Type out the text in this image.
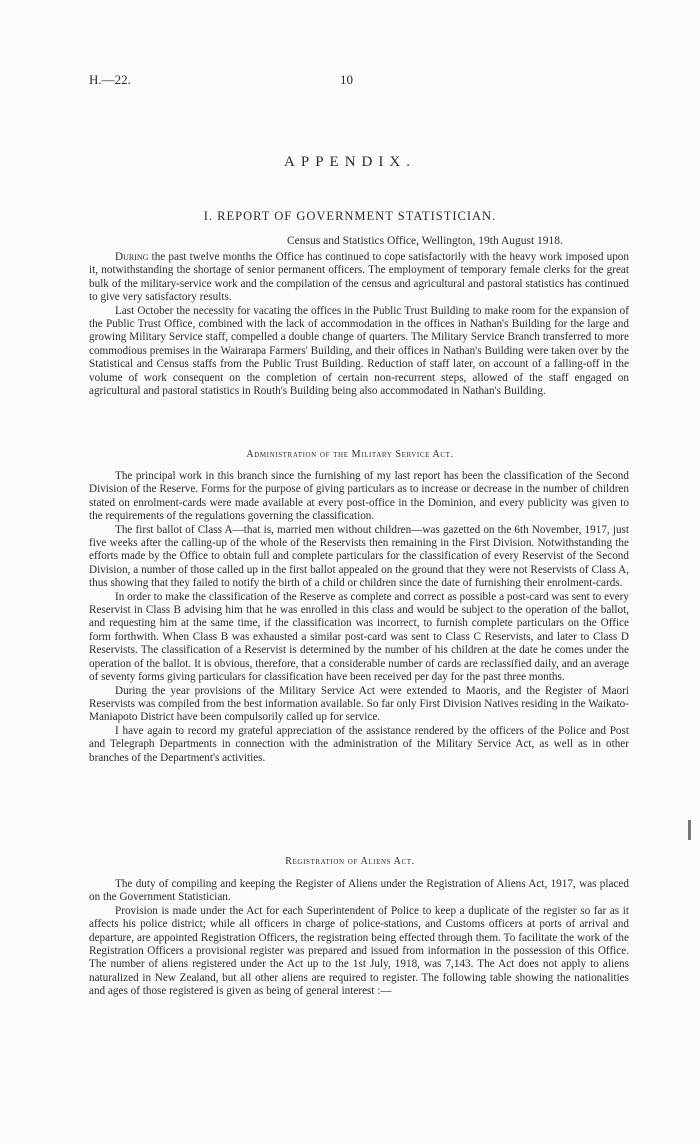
H.—22.	10
APPENDIX.
I. REPORT OF GOVERNMENT STATISTICIAN.
Census and Statistics Office, Wellington, 19th August 1918.

During the past twelve months the Office has continued to cope satisfactorily with the heavy work imposed upon it, notwithstanding the shortage of senior permanent officers. The employment of temporary female clerks for the great bulk of the military-service work and the compilation of the census and agricultural and pastoral statistics has continued to give very satisfactory results.

Last October the necessity for vacating the offices in the Public Trust Building to make room for the expansion of the Public Trust Office, combined with the lack of accommodation in the offices in Nathan's Building for the large and growing Military Service staff, compelled a double change of quarters. The Military Service Branch transferred to more commodious premises in the Wairarapa Farmers' Building, and their offices in Nathan's Building were taken over by the Statistical and Census staffs from the Public Trust Building. Reduction of staff later, on account of a falling-off in the volume of work consequent on the completion of certain non-recurrent steps, allowed of the staff engaged on agricultural and pastoral statistics in Routh's Building being also accommodated in Nathan's Building.

Administration of the Military Service Act.

The principal work in this branch since the furnishing of my last report has been the classification of the Second Division of the Reserve. Forms for the purpose of giving particulars as to increase or decrease in the number of children stated on enrolment-cards were made available at every post-office in the Dominion, and every publicity was given to the requirements of the regulations governing the classification.

The first ballot of Class A—that is, married men without children—was gazetted on the 6th November, 1917, just five weeks after the calling-up of the whole of the Reservists then remaining in the First Division. Notwithstanding the efforts made by the Office to obtain full and complete particulars for the classification of every Reservist of the Second Division, a number of those called up in the first ballot appealed on the ground that they were not Reservists of Class A, thus showing that they failed to notify the birth of a child or children since the date of furnishing their enrolment-cards.

In order to make the classification of the Reserve as complete and correct as possible a post-card was sent to every Reservist in Class B advising him that he was enrolled in this class and would be subject to the operation of the ballot, and requesting him at the same time, if the classification was incorrect, to furnish complete particulars on the Office form forthwith. When Class B was exhausted a similar post-card was sent to Class C Reservists, and later to Class D Reservists. The classification of a Reservist is determined by the number of his children at the date he comes under the operation of the ballot. It is obvious, therefore, that a considerable number of cards are reclassified daily, and an average of seventy forms giving particulars for classification have been received per day for the past three months.

During the year provisions of the Military Service Act were extended to Maoris, and the Register of Maori Reservists was compiled from the best information available. So far only First Division Natives residing in the Waikato-Maniapoto District have been compulsorily called up for service.

I have again to record my grateful appreciation of the assistance rendered by the officers of the Police and Post and Telegraph Departments in connection with the administration of the Military Service Act, as well as in other branches of the Department's activities.

Registration of Aliens Act.

The duty of compiling and keeping the Register of Aliens under the Registration of Aliens Act, 1917, was placed on the Government Statistician.

Provision is made under the Act for each Superintendent of Police to keep a duplicate of the register so far as it affects his police district; while all officers in charge of police-stations, and Customs officers at ports of arrival and departure, are appointed Registration Officers, the registration being effected through them. To facilitate the work of the Registration Officers a provisional register was prepared and issued from information in the possession of this Office. The number of aliens registered under the Act up to the 1st July, 1918, was 7,143. The Act does not apply to aliens naturalized in New Zealand, but all other aliens are required to register. The following table showing the nationalities and ages of those registered is given as being of general interest :—
